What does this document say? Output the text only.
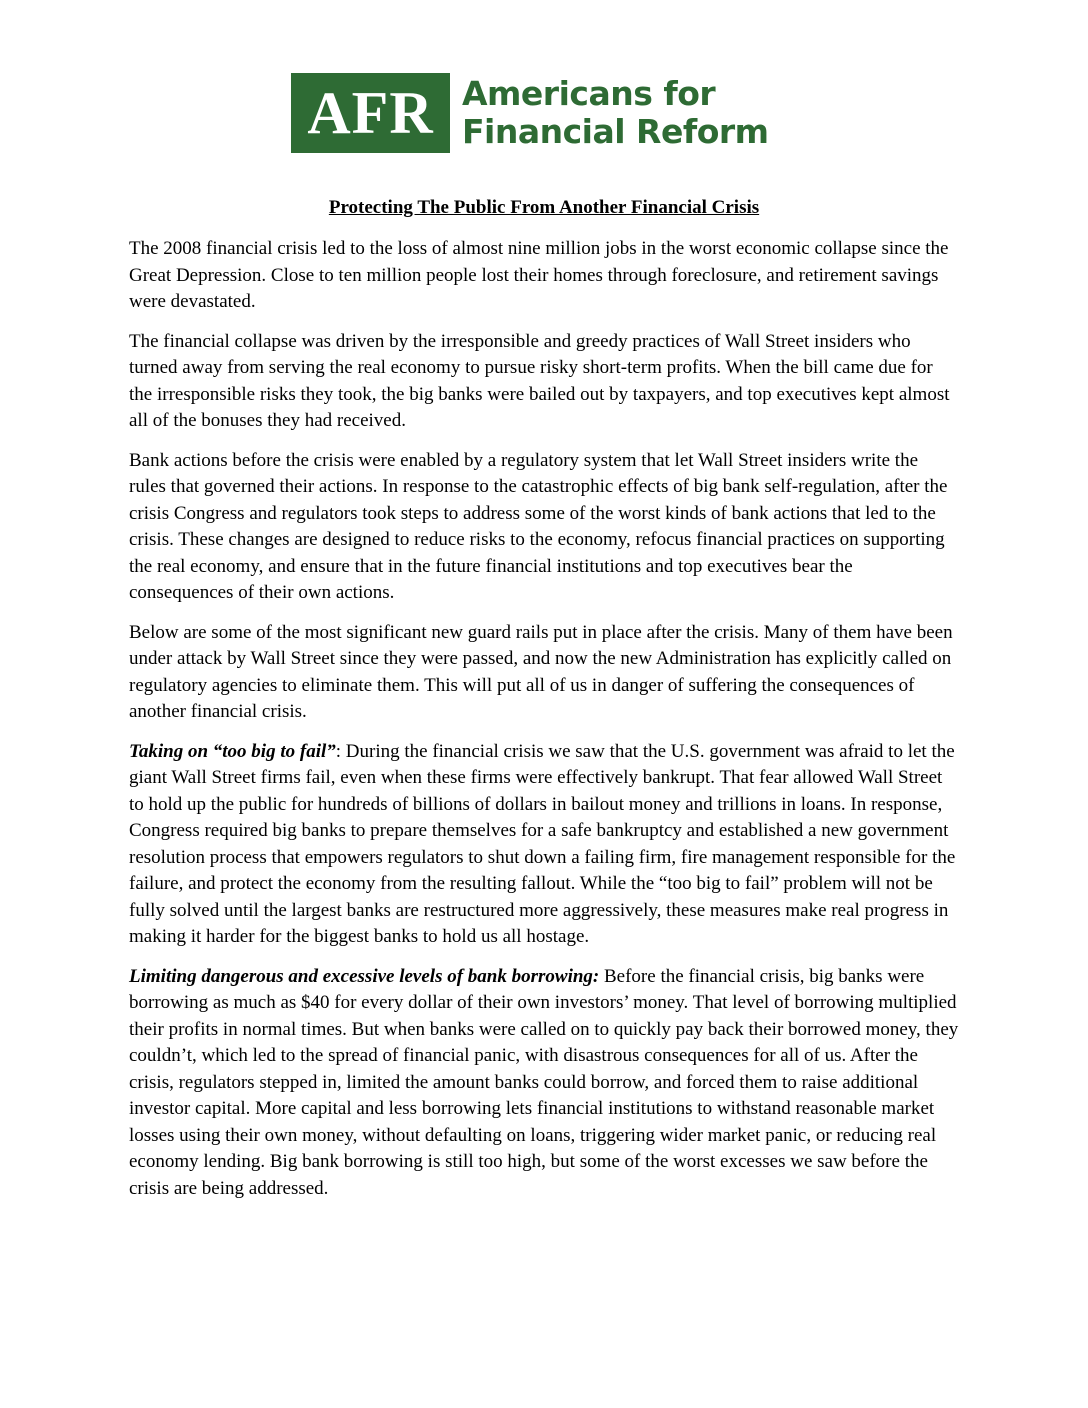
AFR Americans for
Financial Reform
Protecting The Public From Another Financial Crisis

The 2008 financial crisis led to the loss of almost nine million jobs in the worst economic collapse since the Great Depression. Close to ten million people lost their homes through foreclosure, and retirement savings were devastated.

The financial collapse was driven by the irresponsible and greedy practices of Wall Street insiders who turned away from serving the real economy to pursue risky short-term profits. When the bill came due for the irresponsible risks they took, the big banks were bailed out by taxpayers, and top executives kept almost all of the bonuses they had received.

Bank actions before the crisis were enabled by a regulatory system that let Wall Street insiders write the rules that governed their actions. In response to the catastrophic effects of big bank self-regulation, after the crisis Congress and regulators took steps to address some of the worst kinds of bank actions that led to the crisis. These changes are designed to reduce risks to the economy, refocus financial practices on supporting the real economy, and ensure that in the future financial institutions and top executives bear the consequences of their own actions.

Below are some of the most significant new guard rails put in place after the crisis. Many of them have been under attack by Wall Street since they were passed, and now the new Administration has explicitly called on regulatory agencies to eliminate them. This will put all of us in danger of suffering the consequences of another financial crisis.

Taking on “too big to fail”: During the financial crisis we saw that the U.S. government was afraid to let the giant Wall Street firms fail, even when these firms were effectively bankrupt. That fear allowed Wall Street to hold up the public for hundreds of billions of dollars in bailout money and trillions in loans. In response, Congress required big banks to prepare themselves for a safe bankruptcy and established a new government resolution process that empowers regulators to shut down a failing firm, fire management responsible for the failure, and protect the economy from the resulting fallout. While the “too big to fail” problem will not be fully solved until the largest banks are restructured more aggressively, these measures make real progress in making it harder for the biggest banks to hold us all hostage.

Limiting dangerous and excessive levels of bank borrowing: Before the financial crisis, big banks were borrowing as much as $40 for every dollar of their own investors’ money. That level of borrowing multiplied their profits in normal times. But when banks were called on to quickly pay back their borrowed money, they couldn’t, which led to the spread of financial panic, with disastrous consequences for all of us. After the crisis, regulators stepped in, limited the amount banks could borrow, and forced them to raise additional investor capital. More capital and less borrowing lets financial institutions to withstand reasonable market losses using their own money, without defaulting on loans, triggering wider market panic, or reducing real economy lending. Big bank borrowing is still too high, but some of the worst excesses we saw before the crisis are being addressed.
